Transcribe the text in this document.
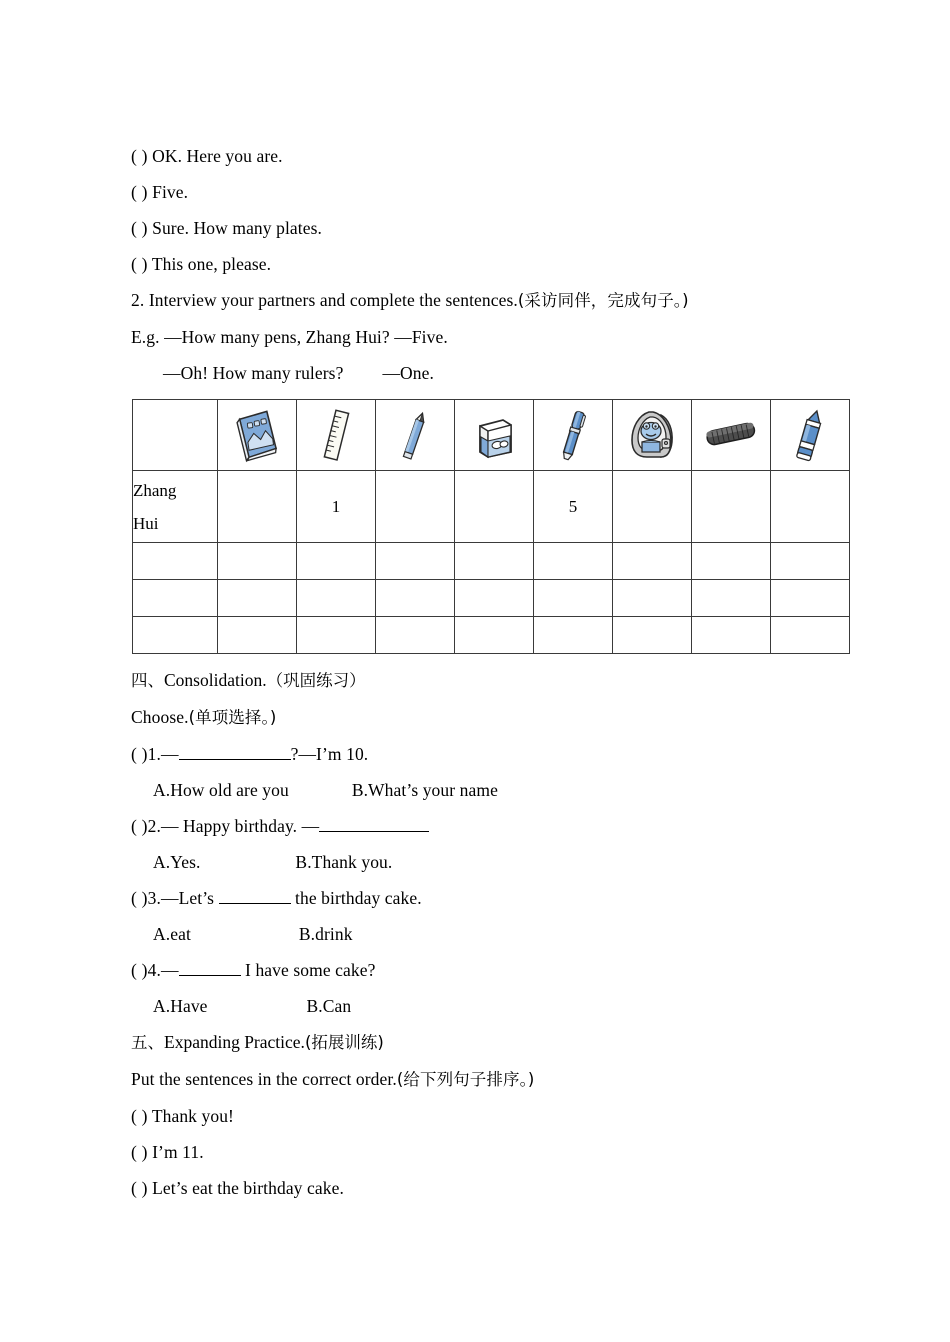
( ) OK. Here you are.
( ) Five.
( ) Sure. How many plates.
( ) This one, please.
2. Interview your partners and complete the sentences.(采访同伴，完成句子。)
E.g. —How many pens, Zhang Hui? —Five.
—Oh! How many rulers? —One.

Zhang
Hui		1			5			

四、Consolidation.（巩固练习）
Choose.(单项选择。)
( )1.—	?—I’m 10.
A.How old are you	B.What’s your name
( )2.— Happy birthday. —
A.Yes.	B.Thank you.
( )3.—Let’s	the birthday cake.
A.eat	B.drink
( )4.—	I have some cake?
A.Have	B.Can
五、Expanding Practice.(拓展训练)
Put the sentences in the correct order.(给下列句子排序。)
( ) Thank you!
( ) I’m 11.
( ) Let’s eat the birthday cake.
